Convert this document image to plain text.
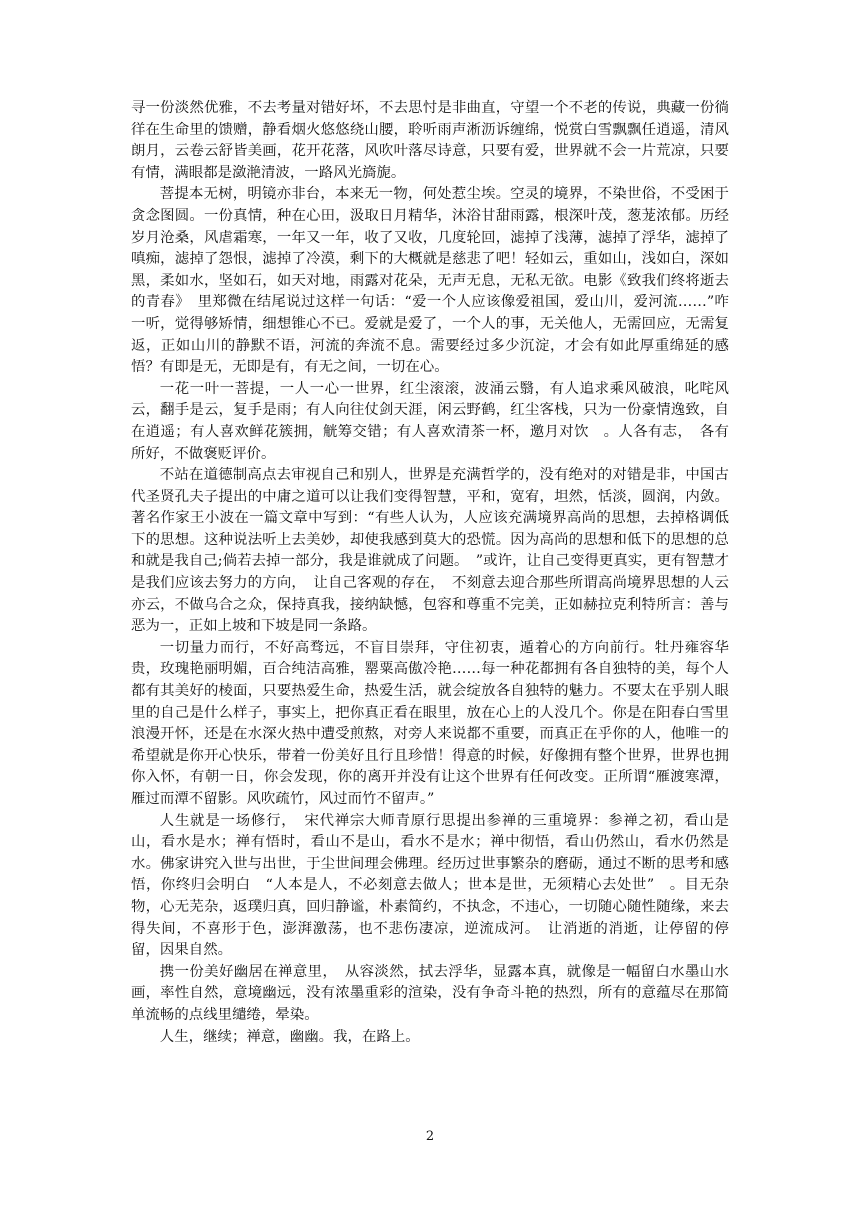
寻一份淡然优雅，不去考量对错好坏，不去思忖是非曲直，守望一个不老的传说，典藏一份徜徉在生命里的馈赠，静看烟火悠悠绕山腰，聆听雨声淅沥诉缠绵，悦赏白雪飘飘任逍遥，清风朗月，云卷云舒皆美画，花开花落，风吹叶落尽诗意，只要有爱，世界就不会一片荒凉，只要有情，满眼都是潋滟清波，一路风光旖旎。

菩提本无树，明镜亦非台，本来无一物，何处惹尘埃。空灵的境界，不染世俗，不受困于贪念图圆。一份真情，种在心田，汲取日月精华，沐浴甘甜雨露，根深叶茂，葱茏浓郁。历经岁月沧桑，风虐霜寒，一年又一年，收了又收，几度轮回，滤掉了浅薄，滤掉了浮华，滤掉了嗔痴，滤掉了怨恨，滤掉了冷漠，剩下的大概就是慈悲了吧！轻如云，重如山，浅如白，深如黑，柔如水，坚如石，如天对地，雨露对花朵，无声无息，无私无欲。电影《致我们终将逝去的青春》　里郑微在结尾说过这样一句话：“爱一个人应该像爱祖国，爱山川，爱河流……”咋一听，觉得够矫情，细想锥心不已。爱就是爱了，一个人的事，无关他人，无需回应，无需复返，正如山川的静默不语，河流的奔流不息。需要经过多少沉淀，才会有如此厚重绵延的感悟？有即是无，无即是有，有无之间，一切在心。

一花一叶一菩提，一人一心一世界，红尘滚滚，波涌云翳，有人追求乘风破浪，叱咤风云，翻手是云，复手是雨；有人向往仗剑天涯，闲云野鹤，红尘客栈，只为一份豪情逸致，自在逍遥；有人喜欢鲜花簇拥，觥筹交错；有人喜欢清茶一杯，邀月对饮　。人各有志，　各有所好，不做褒贬评价。

不站在道德制高点去审视自己和别人，世界是充满哲学的，没有绝对的对错是非，中国古代圣贤孔夫子提出的中庸之道可以让我们变得智慧，平和，宽宥，坦然，恬淡，圆润，内敛。著名作家王小波在一篇文章中写到：“有些人认为，人应该充满境界高尚的思想，去掉格调低下的思想。这种说法听上去美妙，却使我感到莫大的恐慌。因为高尚的思想和低下的思想的总和就是我自己;倘若去掉一部分，我是谁就成了问题。　”或许，让自己变得更真实，更有智慧才是我们应该去努力的方向，　让自己客观的存在，　不刻意去迎合那些所谓高尚境界思想的人云亦云，不做乌合之众，保持真我，接纳缺憾，包容和尊重不完美，正如赫拉克利特所言：善与恶为一，正如上坡和下坡是同一条路。

一切量力而行，不好高骛远，不盲目崇拜，守住初衷，遁着心的方向前行。牡丹雍容华贵，玫瑰艳丽明媚，百合纯洁高雅，罂粟高傲冷艳……每一种花都拥有各自独特的美，每个人都有其美好的棱面，只要热爱生命，热爱生活，就会绽放各自独特的魅力。不要太在乎别人眼里的自己是什么样子，事实上，把你真正看在眼里，放在心上的人没几个。你是在阳春白雪里浪漫开怀，还是在水深火热中遭受煎熬，对旁人来说都不重要，而真正在乎你的人，他唯一的希望就是你开心快乐，带着一份美好且行且珍惜！得意的时候，好像拥有整个世界，世界也拥你入怀，有朝一日，你会发现，你的离开并没有让这个世界有任何改变。正所谓“雁渡寒潭，雁过而潭不留影。风吹疏竹，风过而竹不留声。”

人生就是一场修行，　宋代禅宗大师青原行思提出参禅的三重境界：参禅之初，看山是山，看水是水；禅有悟时，看山不是山，看水不是水；禅中彻悟，看山仍然山，看水仍然是水。佛家讲究入世与出世，于尘世间理会佛理。经历过世事繁杂的磨砺，通过不断的思考和感悟，你终归会明白　“人本是人，不必刻意去做人；世本是世，无须精心去处世”　。目无杂物，心无芜杂，返璞归真，回归静谧，朴素简约，不执念，不违心，一切随心随性随缘，来去得失间，不喜形于色，澎湃激荡，也不悲伤凄凉，逆流成河。　让消逝的消逝，让停留的停留，因果自然。

携一份美好幽居在禅意里，　从容淡然，拭去浮华，显露本真，就像是一幅留白水墨山水画，率性自然，意境幽远，没有浓墨重彩的渲染，没有争奇斗艳的热烈，所有的意蕴尽在那简单流畅的点线里缱绻，晕染。

人生，继续；禅意，幽幽。我，在路上。

2
